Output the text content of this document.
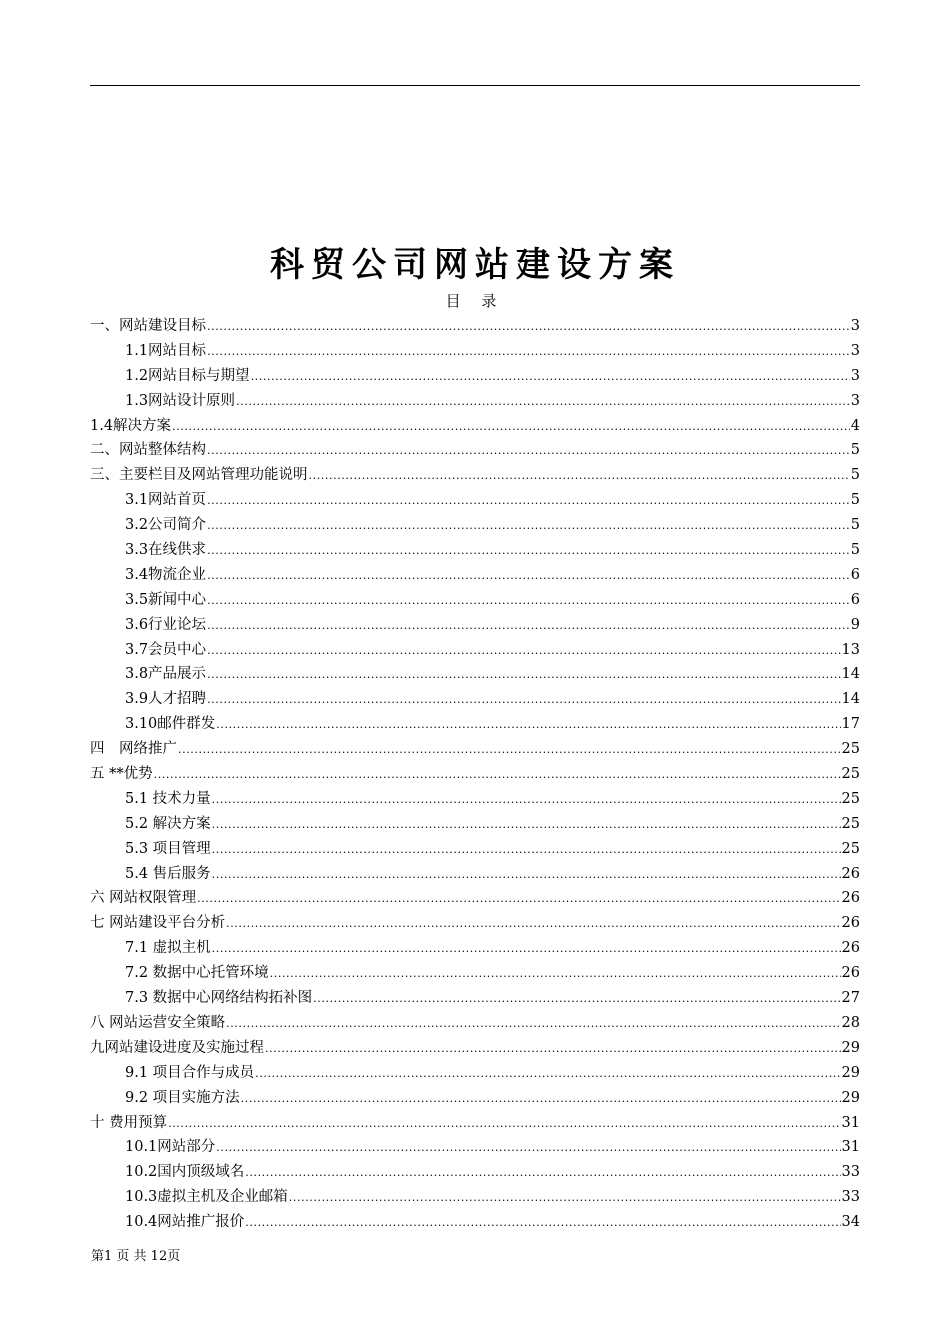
科贸公司网站建设方案
目 录
一、网站建设目标 .....	3
1.1网站目标 .....	3
1.2网站目标与期望 .....	3
1.3网站设计原则 .....	3
1.4解决方案 .....	4
二、网站整体结构 .....	5
三、主要栏目及网站管理功能说明 .....	5
3.1网站首页 .....	5
3.2公司简介 .....	5
3.3在线供求 .....	5
3.4物流企业 .....	6
3.5新闻中心 .....	6
3.6行业论坛 .....	9
3.7会员中心 .....	13
3.8产品展示 .....	14
3.9人才招聘 .....	14
3.10邮件群发 .....	17
四　网络推广 .....	25
五 **优势 .....	25
5.1 技术力量 .....	25
5.2 解决方案 .....	25
5.3 项目管理 .....	25
5.4 售后服务 .....	26
六 网站权限管理 .....	26
七 网站建设平台分析 .....	26
7.1 虚拟主机 .....	26
7.2 数据中心托管环境 .....	26
7.3 数据中心网络结构拓补图 .....	27
八 网站运营安全策略 .....	28
九网站建设进度及实施过程 .....	29
9.1 项目合作与成员 .....	29
9.2 项目实施方法 .....	29
十 费用预算 .....	31
10.1网站部分 .....	31
10.2国内顶级域名 .....	33
10.3虚拟主机及企业邮箱 .....	33
10.4网站推广报价 .....	34
第1 页 共 12页
